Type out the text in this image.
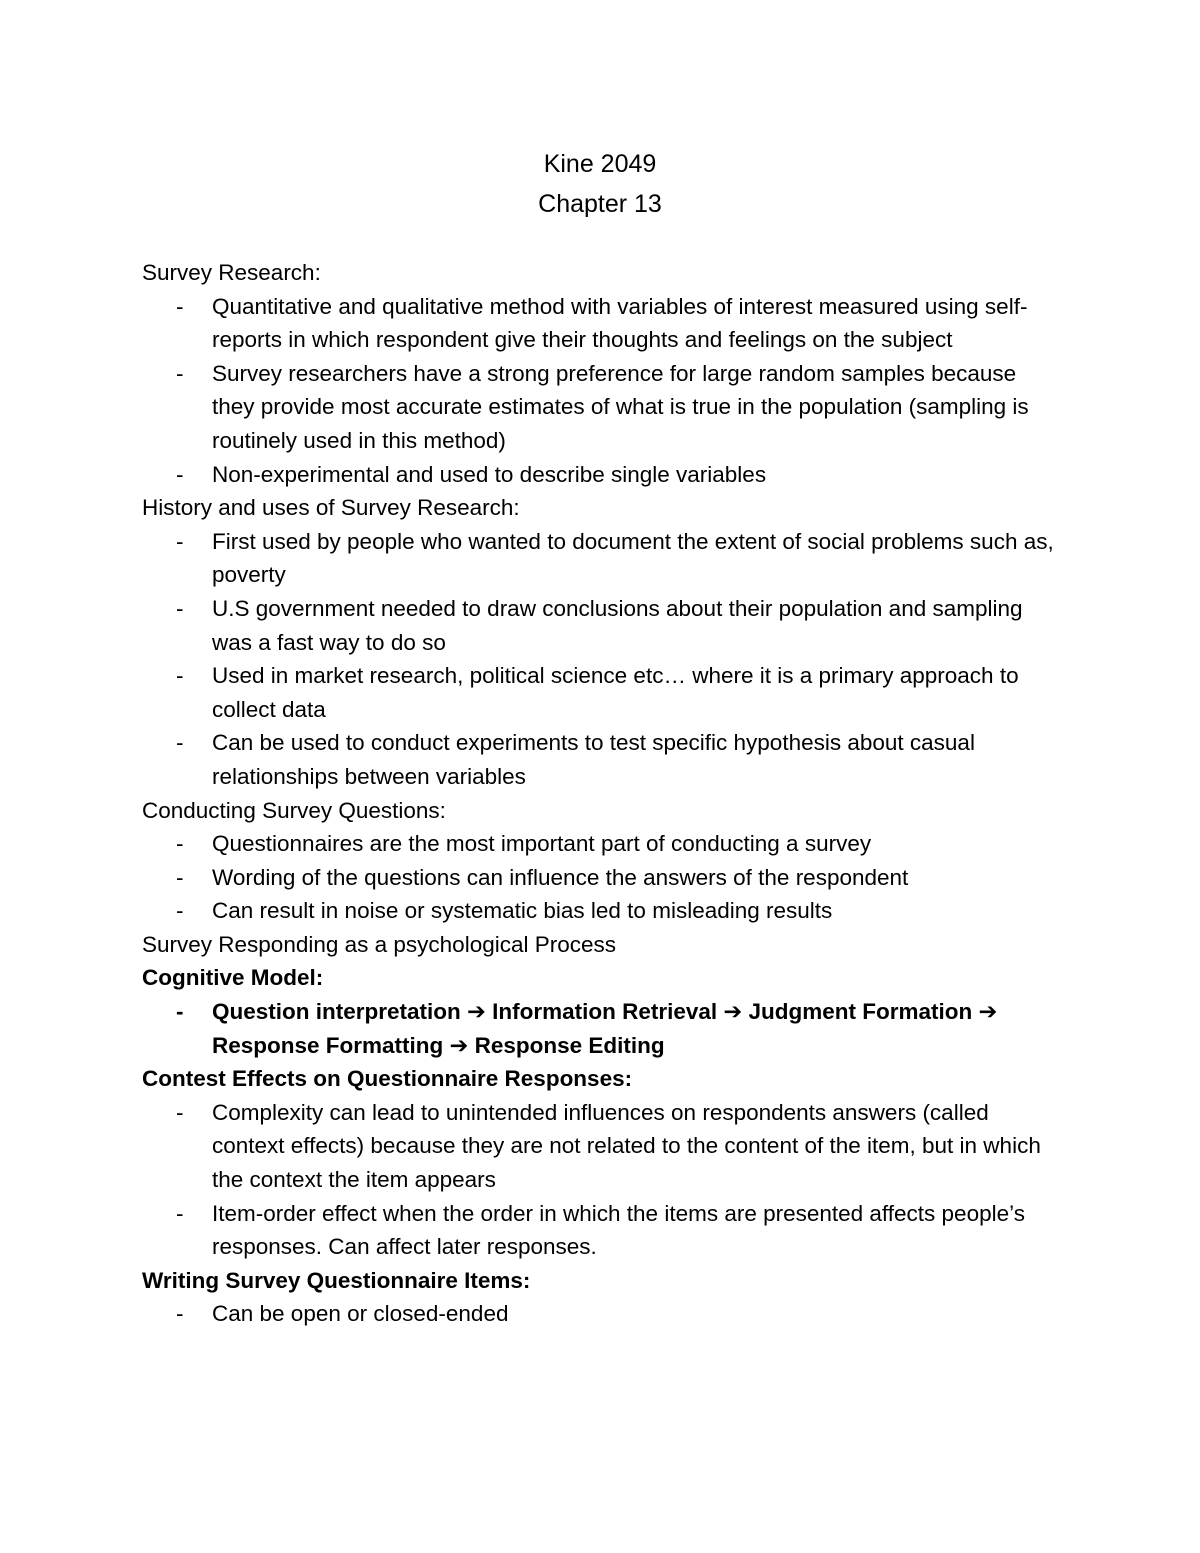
Kine 2049
Chapter 13

Survey Research:

- Quantitative and qualitative method with variables of interest measured using self-reports in which respondent give their thoughts and feelings on the subject
- Survey researchers have a strong preference for large random samples because they provide most accurate estimates of what is true in the population (sampling is routinely used in this method)
- Non-experimental and used to describe single variables

History and uses of Survey Research:

- First used by people who wanted to document the extent of social problems such as, poverty
- U.S government needed to draw conclusions about their population and sampling was a fast way to do so
- Used in market research, political science etc… where it is a primary approach to collect data
- Can be used to conduct experiments to test specific hypothesis about casual relationships between variables

Conducting Survey Questions:

- Questionnaires are the most important part of conducting a survey
- Wording of the questions can influence the answers of the respondent
- Can result in noise or systematic bias led to misleading results

Survey Responding as a psychological Process

Cognitive Model:

- Question interpretation ➔ Information Retrieval ➔ Judgment Formation ➔ Response Formatting ➔ Response Editing

Contest Effects on Questionnaire Responses:

- Complexity can lead to unintended influences on respondents answers (called context effects) because they are not related to the content of the item, but in which the context the item appears
- Item-order effect when the order in which the items are presented affects people’s responses. Can affect later responses.

Writing Survey Questionnaire Items:

- Can be open or closed-ended
